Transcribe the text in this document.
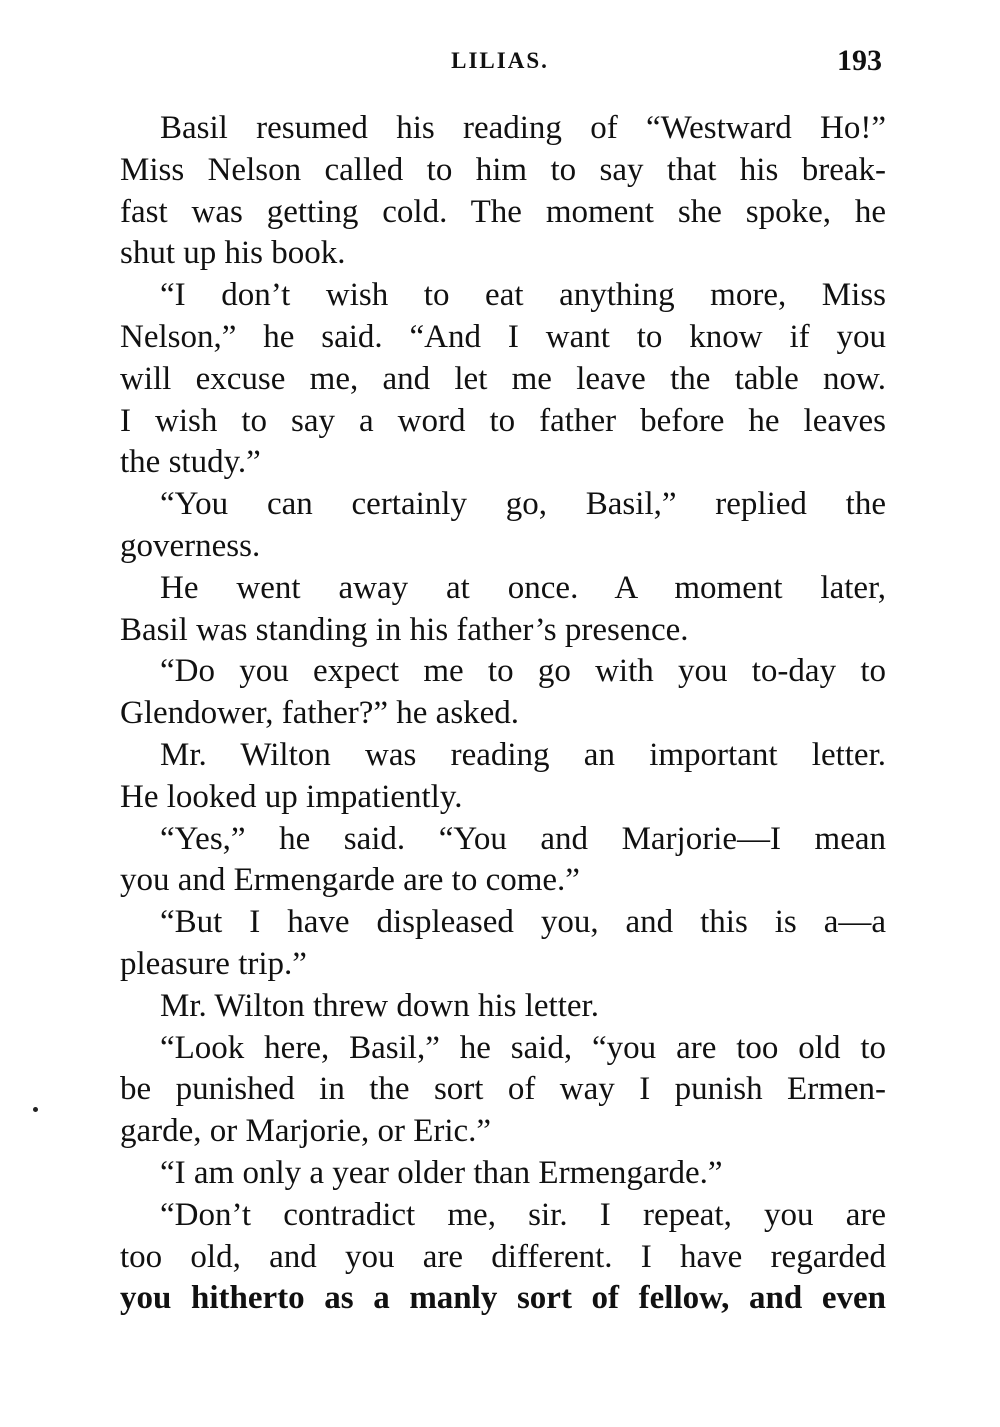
LILIAS.	193
Basil resumed his reading of “Westward Ho!”
Miss Nelson called to him to say that his break-
fast was getting cold. The moment she spoke, he
shut up his book.
“I don’t wish to eat anything more, Miss
Nelson,” he said. “And I want to know if you
will excuse me, and let me leave the table now.
I wish to say a word to father before he leaves
the study.”
“You can certainly go, Basil,” replied the
governess.
He went away at once. A moment later,
Basil was standing in his father’s presence.
“Do you expect me to go with you to-day to
Glendower, father?” he asked.
Mr. Wilton was reading an important letter.
He looked up impatiently.
“Yes,” he said. “You and Marjorie—I mean
you and Ermengarde are to come.”
“But I have displeased you, and this is a—a
pleasure trip.”
Mr. Wilton threw down his letter.
“Look here, Basil,” he said, “you are too old to
be punished in the sort of way I punish Ermen-
garde, or Marjorie, or Eric.”
“I am only a year older than Ermengarde.”
“Don’t contradict me, sir. I repeat, you are
too old, and you are different. I have regarded
you hitherto as a manly sort of fellow, and even
